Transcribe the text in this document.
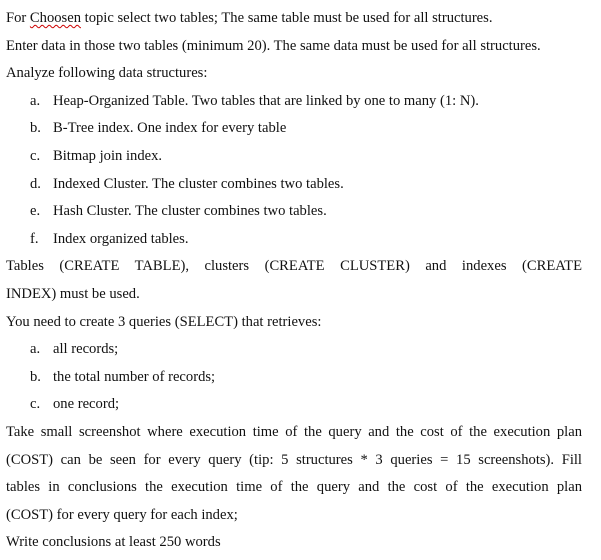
For Choosen topic select two tables; The same table must be used for all structures.
Enter data in those two tables (minimum 20). The same data must be used for all structures.
Analyze following data structures:
a. Heap-Organized Table. Two tables that are linked by one to many (1: N).
b. B-Tree index. One index for every table
c. Bitmap join index.
d. Indexed Cluster. The cluster combines two tables.
e. Hash Cluster. The cluster combines two tables.
f. Index organized tables.
Tables (CREATE TABLE), clusters (CREATE CLUSTER) and indexes (CREATE
INDEX) must be used.
You need to create 3 queries (SELECT) that retrieves:
a. all records;
b. the total number of records;
c. one record;
Take small screenshot where execution time of the query and the cost of the execution plan
(COST) can be seen for every query (tip: 5 structures * 3 queries = 15 screenshots). Fill
tables in conclusions the execution time of the query and the cost of the execution plan
(COST) for every query for each index;
Write conclusions at least 250 words
